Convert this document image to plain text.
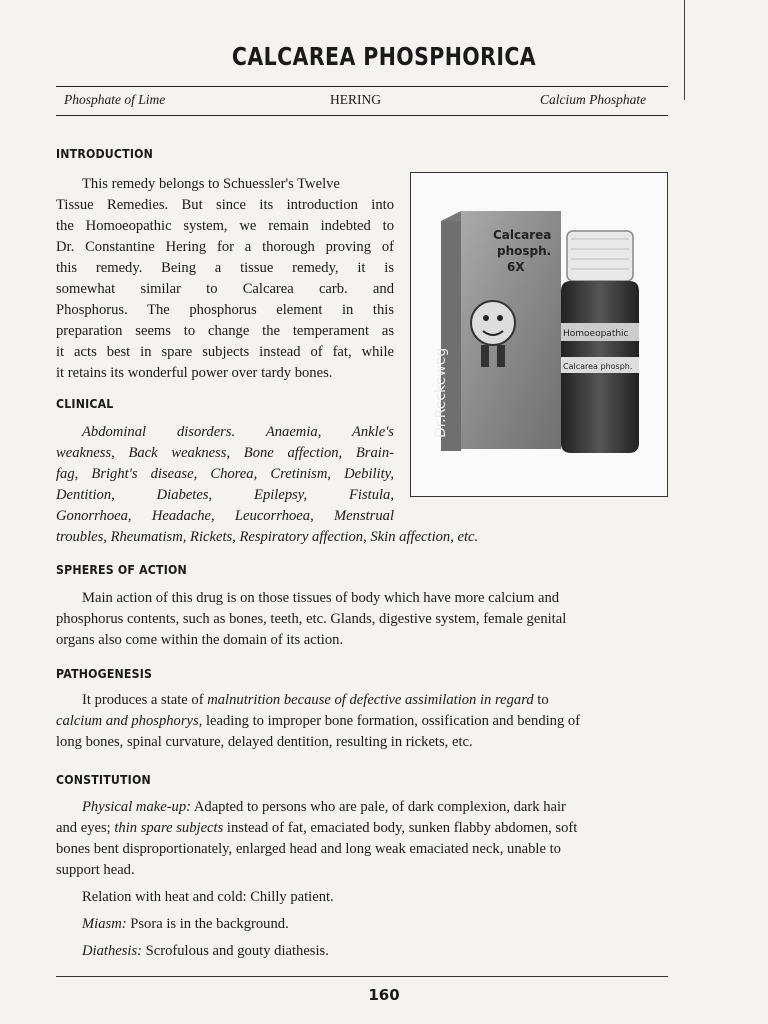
CALCAREA PHOSPHORICA
Phosphate of Lime	HERING	Calcium Phosphate
INTRODUCTION

This remedy belongs to Schuessler's Twelve

Tissue Remedies. But since its introduction into

the Homoeopathic system, we remain indebted to

Dr. Constantine Hering for a thorough proving of

this remedy. Being a tissue remedy, it is

somewhat similar to Calcarea carb. and

Phosphorus. The phosphorus element in this

preparation seems to change the temperament as

it acts best in spare subjects instead of fat, while

it retains its wonderful power over tardy bones.	Dr.Reckeweg
Calcarea
phosph.
6X
Homoeopathic
Calcarea phosph.
CLINICAL

Abdominal disorders. Anaemia, Ankle's

weakness, Back weakness, Bone affection, Brain-

fag, Bright's disease, Chorea, Cretinism, Debility,

Dentition, Diabetes, Epilepsy, Fistula,

Gonorrhoea, Headache, Leucorrhoea, Menstrual

troubles, Rheumatism, Rickets, Respiratory affection, Skin affection, etc.

SPHERES OF ACTION

Main action of this drug is on those tissues of body which have more calcium and

phosphorus contents, such as bones, teeth, etc. Glands, digestive system, female genital

organs also come within the domain of its action.

PATHOGENESIS

It produces a state of malnutrition because of defective assimilation in regard to

calcium and phosphorys, leading to improper bone formation, ossification and bending of

long bones, spinal curvature, delayed dentition, resulting in rickets, etc.

CONSTITUTION

Physical make-up: Adapted to persons who are pale, of dark complexion, dark hair

and eyes; thin spare subjects instead of fat, emaciated body, sunken flabby abdomen, soft

bones bent disproportionately, enlarged head and long weak emaciated neck, unable to

support head.

Relation with heat and cold: Chilly patient.

Miasm: Psora is in the background.

Diathesis: Scrofulous and gouty diathesis.

160
